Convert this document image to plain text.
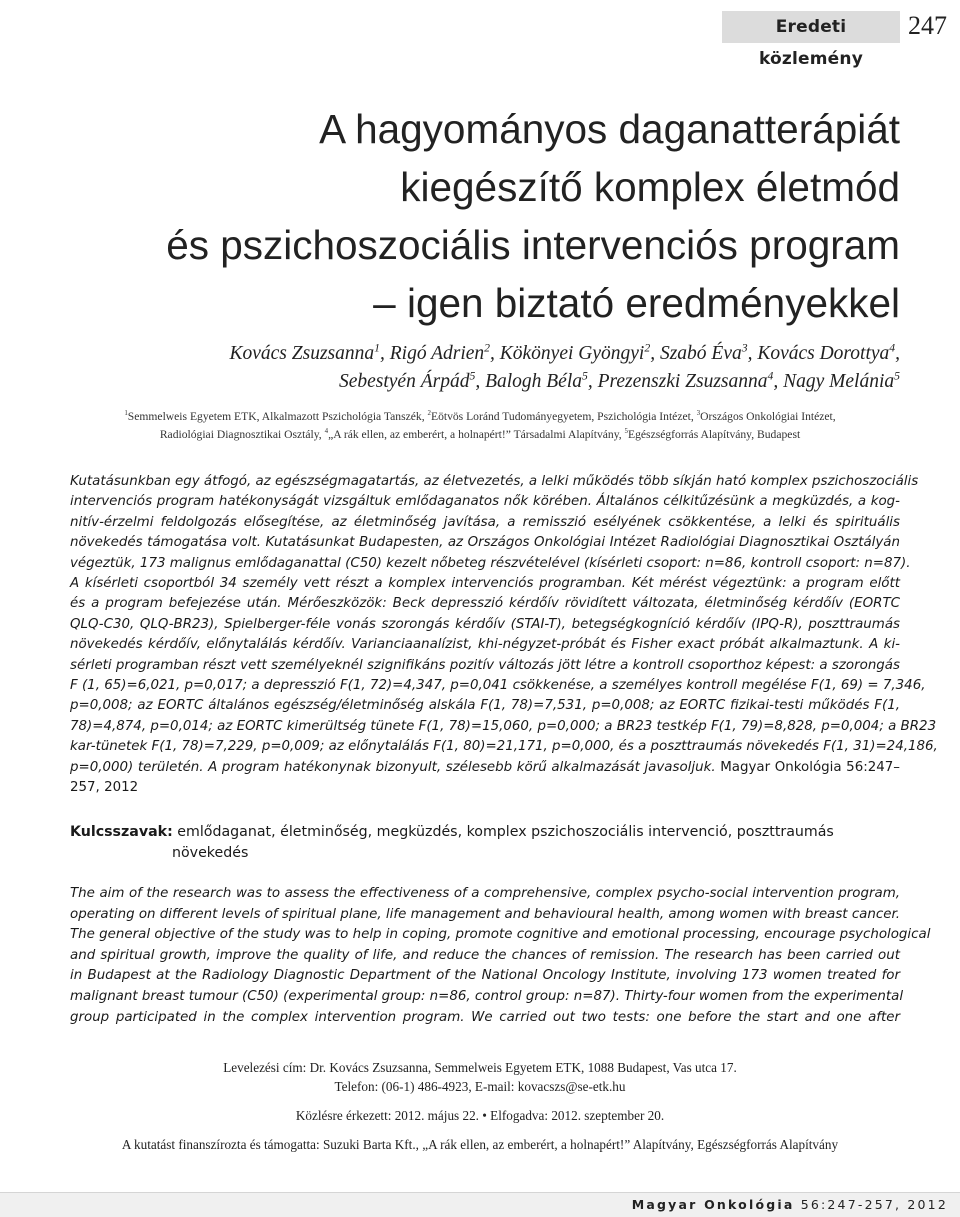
Eredeti közlemény
247
A hagyományos daganatterápiát
kiegészítő komplex életmód
és pszichoszociális intervenciós program
– igen biztató eredményekkel
Kovács Zsuzsanna$^1$, Rigó Adrien$^2$, Kökönyei Gyöngyi$^2$, Szabó Éva$^3$, Kovács Dorottya$^4$,
Sebestyén Árpád$^5$, Balogh Béla$^5$, Prezenszki Zsuzsanna$^4$, Nagy Melánia$^5$
$^1$Semmelweis Egyetem ETK, Alkalmazott Pszichológia Tanszék, $^2$Eötvös Loránd Tudományegyetem, Pszichológia Intézet, $^3$Országos Onkológiai Intézet,
Radiológiai Diagnosztikai Osztály, $^4$„A rák ellen, az emberért, a holnapért!” Társadalmi Alapítvány, $^5$Egészségforrás Alapítvány, Budapest
Kutatásunkban egy átfogó, az egészségmagatartás, az életvezetés, a lelki működés több síkján ható komplex pszichoszociális
intervenciós program hatékonyságát vizsgáltuk emlődaganatos nők körében. Általános célkitűzésünk a megküzdés, a kog-
nitív-érzelmi feldolgozás elősegítése, az életminőség javítása, a remisszió esélyének csökkentése, a lelki és spirituális
növekedés támogatása volt. Kutatásunkat Budapesten, az Országos Onkológiai Intézet Radiológiai Diagnosztikai Osztályán
végeztük, 173 malignus emlődaganattal (C50) kezelt nőbeteg részvételével (kísérleti csoport: n=86, kontroll csoport: n=87).
A kísérleti csoportból 34 személy vett részt a komplex intervenciós programban. Két mérést végeztünk: a program előtt
és a program befejezése után. Mérőeszközök: Beck depresszió kérdőív rövidített változata, életminőség kérdőív (EORTC
QLQ-C30, QLQ-BR23), Spielberger-féle vonás szorongás kérdőív (STAI-T), betegségkogníció kérdőív (IPQ-R), poszttraumás
növekedés kérdőív, előnytalálás kérdőív. Varianciaanalízist, khi-négyzet-próbát és Fisher exact próbát alkalmaztunk. A ki-
sérleti programban részt vett személyeknél szignifikáns pozitív változás jött létre a kontroll csoporthoz képest: a szorongás
F (1, 65)=6,021, p=0,017; a depresszió F(1, 72)=4,347, p=0,041 csökkenése, a személyes kontroll megélése F(1, 69) = 7,346,
p=0,008; az EORTC általános egészség/életminőség alskála F(1, 78)=7,531, p=0,008; az EORTC fizikai-testi működés F(1,
78)=4,874, p=0,014; az EORTC kimerültség tünete F(1, 78)=15,060, p=0,000; a BR23 testkép F(1, 79)=8,828, p=0,004; a BR23
kar-tünetek F(1, 78)=7,229, p=0,009; az előnytalálás F(1, 80)=21,171, p=0,000, és a poszttraumás növekedés F(1, 31)=24,186,
p=0,000) területén. A program hatékonynak bizonyult, szélesebb körű alkalmazását javasoljuk. Magyar Onkológia 56:247–
257, 2012
Kulcsszavak: emlődaganat, életminőség, megküzdés, komplex pszichoszociális intervenció, poszttraumás
növekedés
The aim of the research was to assess the effectiveness of a comprehensive, complex psycho-social intervention program,
operating on different levels of spiritual plane, life management and behavioural health, among women with breast cancer.
The general objective of the study was to help in coping, promote cognitive and emotional processing, encourage psychological
and spiritual growth, improve the quality of life, and reduce the chances of remission. The research has been carried out
in Budapest at the Radiology Diagnostic Department of the National Oncology Institute, involving 173 women treated for
malignant breast tumour (C50) (experimental group: n=86, control group: n=87). Thirty-four women from the experimental
group participated in the complex intervention program. We carried out two tests: one before the start and one after
Levelezési cím: Dr. Kovács Zsuzsanna, Semmelweis Egyetem ETK, 1088 Budapest, Vas utca 17.
Telefon: (06-1) 486-4923, E-mail: kovacszs@se-etk.hu
Közlésre érkezett: 2012. május 22. • Elfogadva: 2012. szeptember 20.
A kutatást finanszírozta és támogatta: Suzuki Barta Kft., „A rák ellen, az emberért, a holnapért!” Alapítvány, Egészségforrás Alapítvány
Magyar Onkológia 56:247-257, 2012
